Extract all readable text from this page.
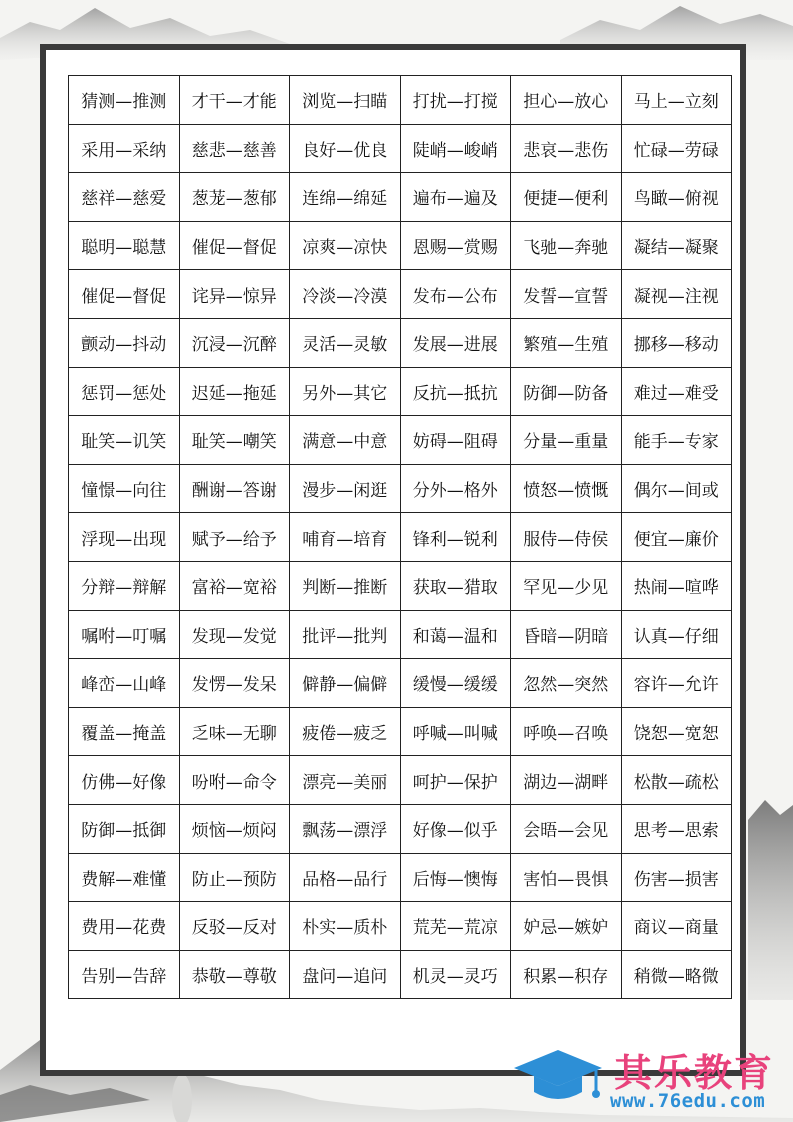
猜测—推测	才干—才能	浏览—扫瞄	打扰—打搅	担心—放心	马上—立刻
采用—采纳	慈悲—慈善	良好—优良	陡峭—峻峭	悲哀—悲伤	忙碌—劳碌
慈祥—慈爱	葱茏—葱郁	连绵—绵延	遍布—遍及	便捷—便利	鸟瞰—俯视
聪明—聪慧	催促—督促	凉爽—凉快	恩赐—赏赐	飞驰—奔驰	凝结—凝聚
催促—督促	诧异—惊异	冷淡—冷漠	发布—公布	发誓—宣誓	凝视—注视
颤动—抖动	沉浸—沉醉	灵活—灵敏	发展—进展	繁殖—生殖	挪移—移动
惩罚—惩处	迟延—拖延	另外—其它	反抗—抵抗	防御—防备	难过—难受
耻笑—讥笑	耻笑—嘲笑	满意—中意	妨碍—阻碍	分量—重量	能手—专家
憧憬—向往	酬谢—答谢	漫步—闲逛	分外—格外	愤怒—愤慨	偶尔—间或
浮现—出现	赋予—给予	哺育—培育	锋利—锐利	服侍—侍侯	便宜—廉价
分辩—辩解	富裕—宽裕	判断—推断	获取—猎取	罕见—少见	热闹—喧哗
嘱咐—叮嘱	发现—发觉	批评—批判	和蔼—温和	昏暗—阴暗	认真—仔细
峰峦—山峰	发愣—发呆	僻静—偏僻	缓慢—缓缓	忽然—突然	容许—允许
覆盖—掩盖	乏味—无聊	疲倦—疲乏	呼喊—叫喊	呼唤—召唤	饶恕—宽恕
仿佛—好像	吩咐—命令	漂亮—美丽	呵护—保护	湖边—湖畔	松散—疏松
防御—抵御	烦恼—烦闷	飘荡—漂浮	好像—似乎	会晤—会见	思考—思索
费解—难懂	防止—预防	品格—品行	后悔—懊悔	害怕—畏惧	伤害—损害
费用—花费	反驳—反对	朴实—质朴	荒芜—荒凉	妒忌—嫉妒	商议—商量
告别—告辞	恭敬—尊敬	盘问—追问	机灵—灵巧	积累—积存	稍微—略微
其乐教育
www.76edu.com
